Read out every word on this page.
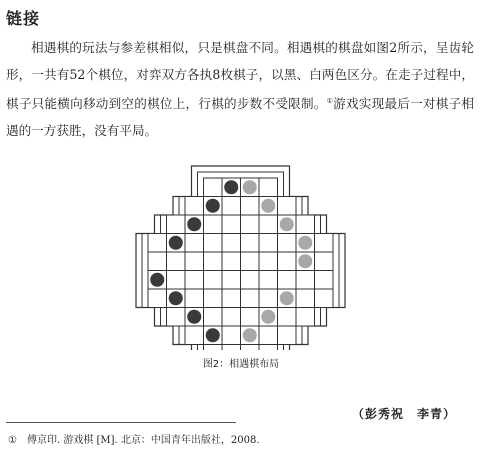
链接
相遇棋的玩法与参差棋相似，只是棋盘不同。相遇棋的棋盘如图2所示，呈齿轮形，一共有52个棋位，对弈双方各执8枚棋子，以黑、白两色区分。在走子过程中，棋子只能横向移动到空的棋位上，行棋的步数不受限制。①游戏实现最后一对棋子相遇的一方获胜，没有平局。
图2：相遇棋布局
（彭秀祝　李青）
① 傅京印. 游戏棋 [M]. 北京：中国青年出版社，2008.
